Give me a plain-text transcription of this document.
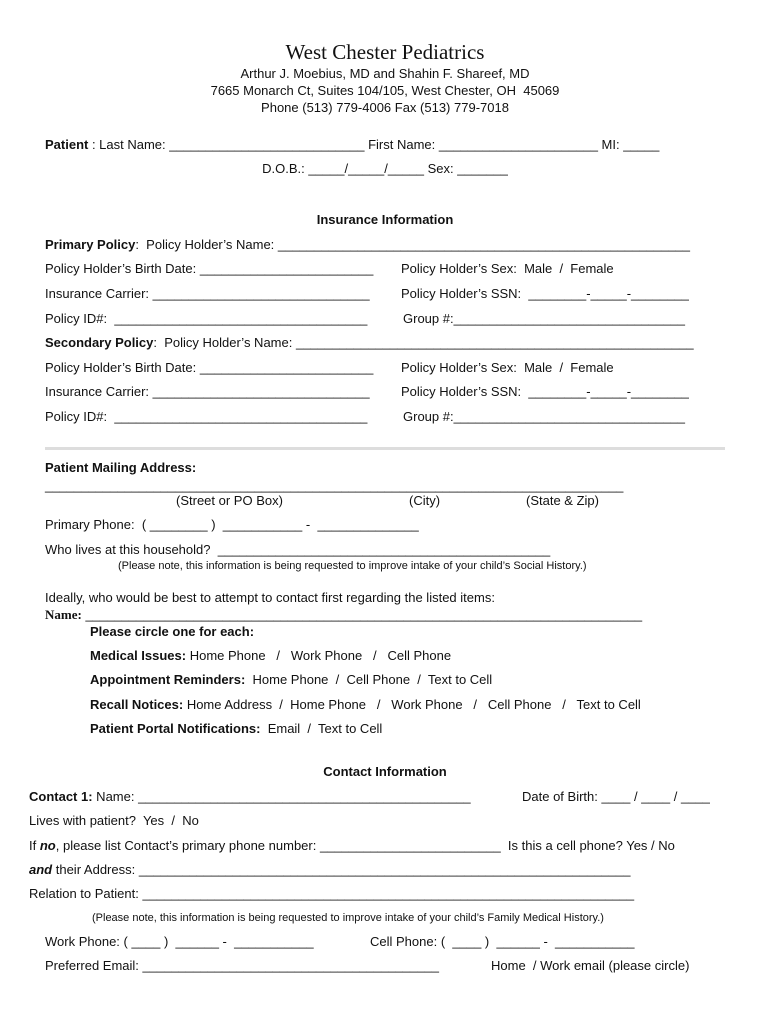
West Chester Pediatrics
Arthur J. Moebius, MD and Shahin F. Shareef, MD
7665 Monarch Ct, Suites 104/105, West Chester, OH  45069
Phone (513) 779-4006 Fax (513) 779-7018
Patient : Last Name: ___________________________ First Name: ______________________ MI: _____
D.O.B.: _____/_____/_____ Sex: _______
Insurance Information
Primary Policy:  Policy Holder’s Name: _________________________________________________________
Policy Holder’s Birth Date: ________________________ Policy Holder’s Sex:  Male  /  Female
Insurance Carrier: ______________________________ Policy Holder’s SSN:  ________-_____-________
Policy ID#:  ___________________________________	Group #:________________________________
Secondary Policy:  Policy Holder’s Name: _______________________________________________________
Policy Holder’s Birth Date: ________________________ Policy Holder’s Sex:  Male  /  Female
Insurance Carrier: ______________________________ Policy Holder’s SSN:  ________-_____-________
Policy ID#:  ___________________________________	Group #:________________________________
Patient Mailing Address:
________________________________________________________________________________
(Street or PO Box)	(City)	(State & Zip)
Primary Phone:  ( ________ )  ___________ -  ______________
Who lives at this household?  ______________________________________________
(Please note, this information is being requested to improve intake of your child’s Social History.)
Ideally, who would be best to attempt to contact first regarding the listed items:
Name: _____________________________________________________________________________
Please circle one for each:
Medical Issues: Home Phone   /   Work Phone   /   Cell Phone
Appointment Reminders:  Home Phone  /  Cell Phone  /  Text to Cell
Recall Notices: Home Address  /  Home Phone   /   Work Phone   /   Cell Phone   /   Text to Cell
Patient Portal Notifications:  Email  /  Text to Cell
Contact Information
Contact 1: Name: ______________________________________________	Date of Birth: ____ / ____ / ____
Lives with patient?  Yes  /  No
If no, please list Contact’s primary phone number: _________________________  Is this a cell phone? Yes / No
and their Address: ____________________________________________________________________
Relation to Patient: ____________________________________________________________________
(Please note, this information is being requested to improve intake of your child’s Family Medical History.)
Work Phone: ( ____ )  ______ -  ___________	Cell Phone: (  ____ )  ______ -  ___________
Preferred Email: _________________________________________	Home  / Work email (please circle)
